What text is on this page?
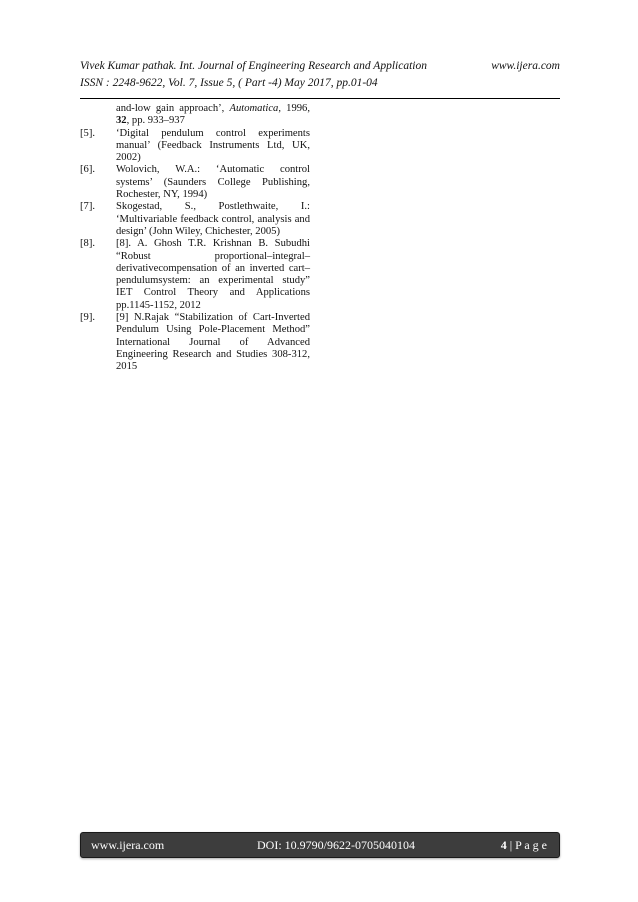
Vivek Kumar pathak. Int. Journal of Engineering Research and Application	www.ijera.com
ISSN : 2248-9622, Vol. 7, Issue 5, ( Part -4) May 2017, pp.01-04
and-low gain approach’, Automatica, 1996, 32, pp. 933–937
[5]. ‘Digital pendulum control experiments manual’ (Feedback Instruments Ltd, UK, 2002)
[6]. Wolovich, W.A.: ‘Automatic control systems’ (Saunders College Publishing, Rochester, NY, 1994)
[7]. Skogestad, S., Postlethwaite, I.: ‘Multivariable feedback control, analysis and design’ (John Wiley, Chichester, 2005)
[8]. [8]. A. Ghosh T.R. Krishnan B. Subudhi “Robust proportional–integral–derivativecompensation of an inverted cart–pendulumsystem: an experimental study” IET Control Theory and Applications pp.1145-1152, 2012
[9]. [9] N.Rajak “Stabilization of Cart-Inverted Pendulum Using Pole-Placement Method” International Journal of Advanced Engineering Research and Studies 308-312, 2015
www.ijera.com	DOI: 10.9790/9622-0705040104	4 | P a g e
